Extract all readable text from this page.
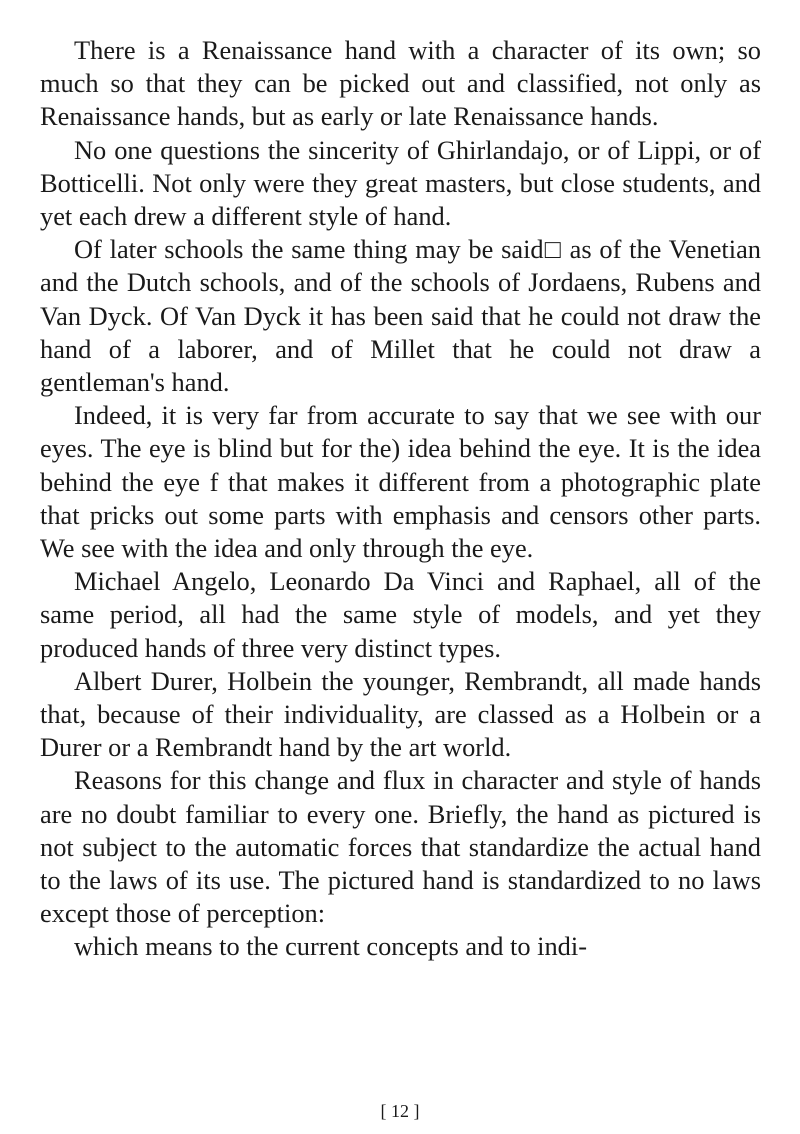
There is a Renaissance hand with a character of its own; so much so that they can be picked out and classified, not only as Renaissance hands, but as early or late Renaissance hands.

No one questions the sincerity of Ghirlandajo, or of Lippi, or of Botticelli. Not only were they great masters, but close students, and yet each drew a different style of hand.

Of later schools the same thing may be said□ as of the Venetian and the Dutch schools, and of the schools of Jordaens, Rubens and Van Dyck. Of Van Dyck it has been said that he could not draw the hand of a laborer, and of Millet that he could not draw a gentleman's hand.

Indeed, it is very far from accurate to say that we see with our eyes. The eye is blind but for the) idea behind the eye. It is the idea behind the eye f that makes it different from a photographic plate that pricks out some parts with emphasis and censors other parts. We see with the idea and only through the eye.

Michael Angelo, Leonardo Da Vinci and Raphael, all of the same period, all had the same style of models, and yet they produced hands of three very distinct types.

Albert Durer, Holbein the younger, Rembrandt, all made hands that, because of their individuality, are classed as a Holbein or a Durer or a Rembrandt hand by the art world.

Reasons for this change and flux in character and style of hands are no doubt familiar to every one. Briefly, the hand as pictured is not subject to the automatic forces that standardize the actual hand to the laws of its use. The pictured hand is standardized to no laws except those of perception:

which means to the current concepts and to indi-

[ 12 ]
